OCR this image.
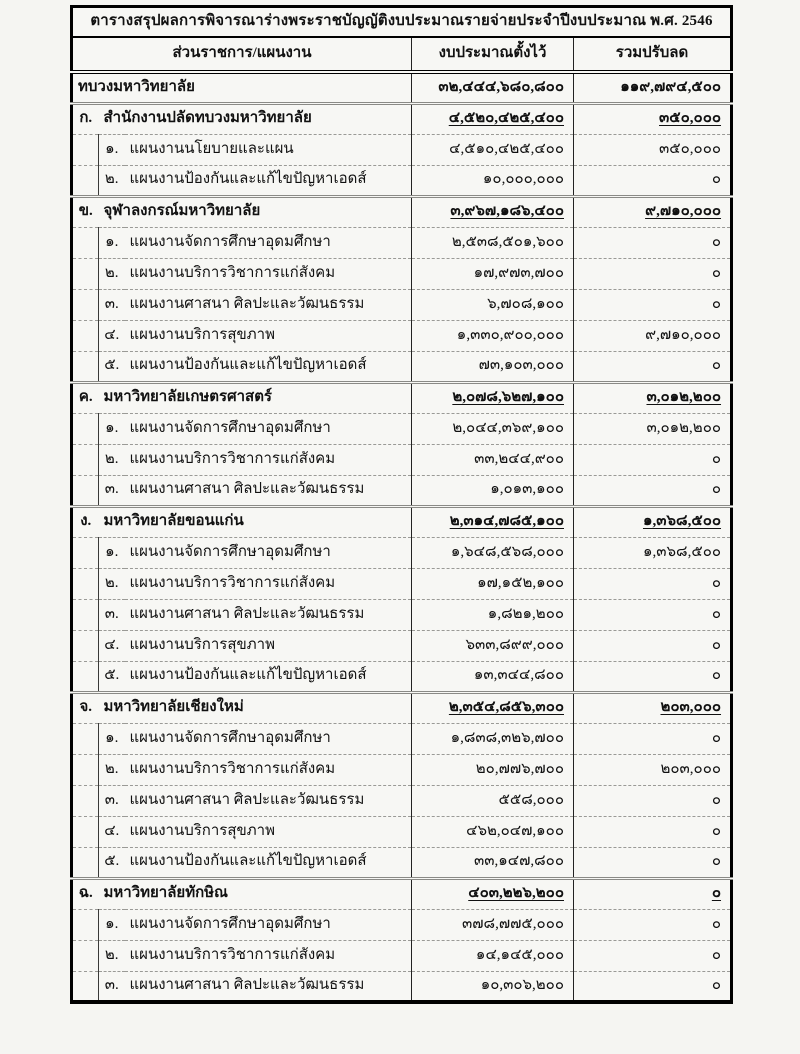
ตารางสรุปผลการพิจารณาร่างพระราชบัญญัติงบประมาณรายจ่ายประจำปีงบประมาณ พ.ศ. 2546				
ส่วนราชการ/แผนงาน			งบประมาณตั้งไว้	รวมปรับลด
ทบวงมหาวิทยาลัย			๓๒,๔๔๔,๖๘๐,๘๐๐	๑๑๙,๗๙๔,๕๐๐
ก.	สำนักงานปลัดทบวงมหาวิทยาลัย		๔,๕๒๐,๔๒๕,๔๐๐	๓๕๐,๐๐๐
	๑.	แผนงานนโยบายและแผน	๔,๕๑๐,๔๒๕,๔๐๐	๓๕๐,๐๐๐
	๒.	แผนงานป้องกันและแก้ไขปัญหาเอดส์	๑๐,๐๐๐,๐๐๐	๐
ข.	จุฬาลงกรณ์มหาวิทยาลัย		๓,๙๖๗,๑๘๖,๔๐๐	๙,๗๑๐,๐๐๐
	๑.	แผนงานจัดการศึกษาอุดมศึกษา	๒,๕๓๘,๕๐๑,๖๐๐	๐
	๒.	แผนงานบริการวิชาการแก่สังคม	๑๗,๙๗๓,๗๐๐	๐
	๓.	แผนงานศาสนา ศิลปะและวัฒนธรรม	๖,๗๐๘,๑๐๐	๐
	๔.	แผนงานบริการสุขภาพ	๑,๓๓๐,๙๐๐,๐๐๐	๙,๗๑๐,๐๐๐
	๕.	แผนงานป้องกันและแก้ไขปัญหาเอดส์	๗๓,๑๐๓,๐๐๐	๐
ค.	มหาวิทยาลัยเกษตรศาสตร์		๒,๐๗๘,๖๒๗,๑๐๐	๓,๐๑๒,๒๐๐
	๑.	แผนงานจัดการศึกษาอุดมศึกษา	๒,๐๔๔,๓๖๙,๑๐๐	๓,๐๑๒,๒๐๐
	๒.	แผนงานบริการวิชาการแก่สังคม	๓๓,๒๔๔,๙๐๐	๐
	๓.	แผนงานศาสนา ศิลปะและวัฒนธรรม	๑,๐๑๓,๑๐๐	๐
ง.	มหาวิทยาลัยขอนแก่น		๒,๓๑๔,๗๘๕,๑๐๐	๑,๓๖๘,๕๐๐
	๑.	แผนงานจัดการศึกษาอุดมศึกษา	๑,๖๔๘,๕๖๘,๐๐๐	๑,๓๖๘,๕๐๐
	๒.	แผนงานบริการวิชาการแก่สังคม	๑๗,๑๕๒,๑๐๐	๐
	๓.	แผนงานศาสนา ศิลปะและวัฒนธรรม	๑,๘๒๑,๒๐๐	๐
	๔.	แผนงานบริการสุขภาพ	๖๓๓,๘๙๙,๐๐๐	๐
	๕.	แผนงานป้องกันและแก้ไขปัญหาเอดส์	๑๓,๓๔๔,๘๐๐	๐
จ.	มหาวิทยาลัยเชียงใหม่		๒,๓๕๔,๘๕๖,๓๐๐	๒๐๓,๐๐๐
	๑.	แผนงานจัดการศึกษาอุดมศึกษา	๑,๘๓๘,๓๒๖,๗๐๐	๐
	๒.	แผนงานบริการวิชาการแก่สังคม	๒๐,๗๗๖,๗๐๐	๒๐๓,๐๐๐
	๓.	แผนงานศาสนา ศิลปะและวัฒนธรรม	๕๕๘,๐๐๐	๐
	๔.	แผนงานบริการสุขภาพ	๔๖๒,๐๔๗,๑๐๐	๐
	๕.	แผนงานป้องกันและแก้ไขปัญหาเอดส์	๓๓,๑๔๗,๘๐๐	๐
ฉ.	มหาวิทยาลัยทักษิณ		๔๐๓,๒๒๖,๒๐๐	๐
	๑.	แผนงานจัดการศึกษาอุดมศึกษา	๓๗๘,๗๗๕,๐๐๐	๐
	๒.	แผนงานบริการวิชาการแก่สังคม	๑๔,๑๔๕,๐๐๐	๐
	๓.	แผนงานศาสนา ศิลปะและวัฒนธรรม	๑๐,๓๐๖,๒๐๐	๐
